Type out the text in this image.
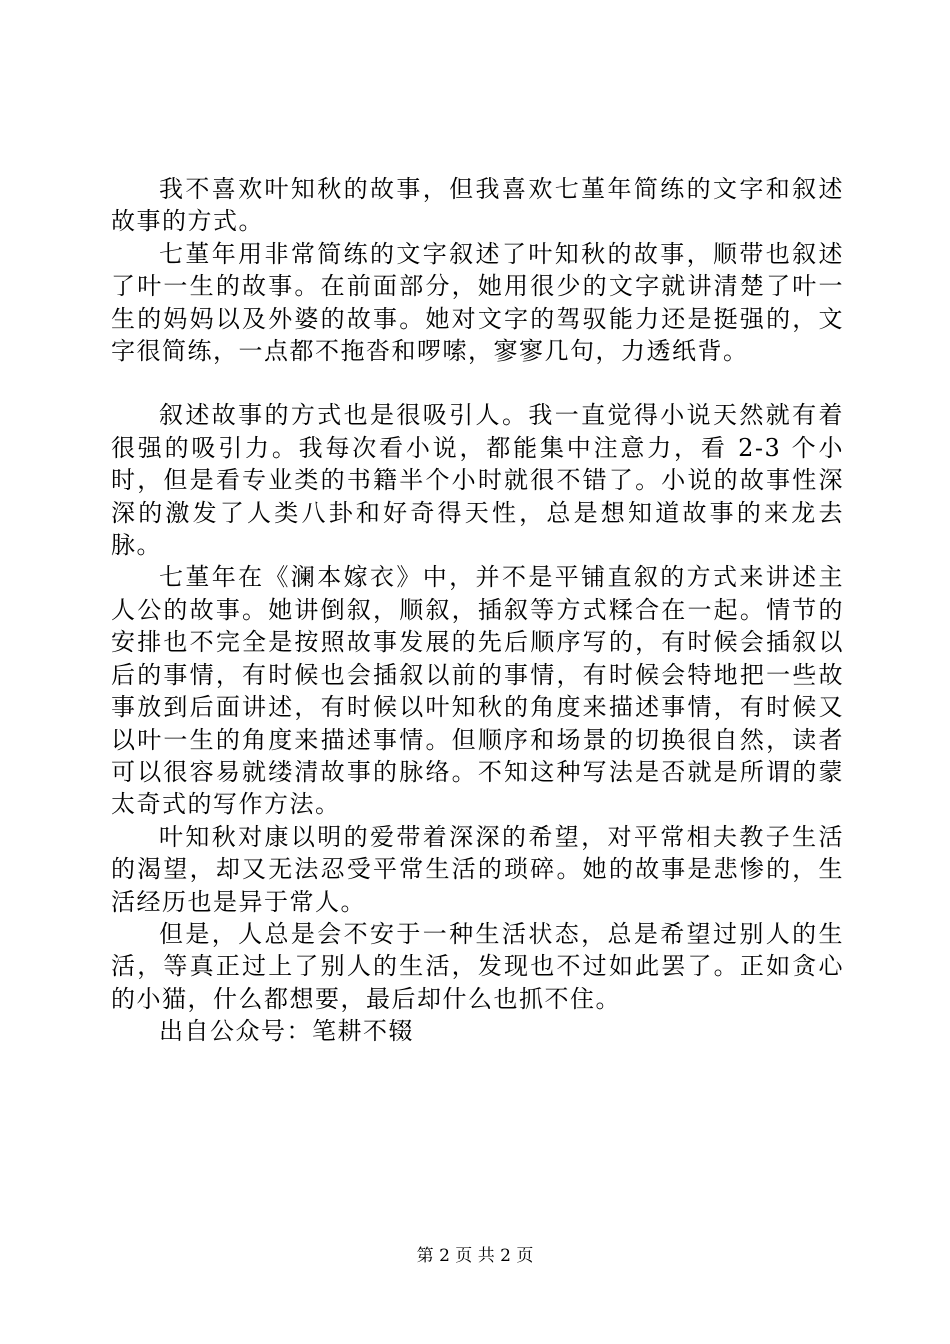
我不喜欢叶知秋的故事，但我喜欢七堇年简练的文字和叙述故事的方式。

七堇年用非常简练的文字叙述了叶知秋的故事，顺带也叙述了叶一生的故事。在前面部分，她用很少的文字就讲清楚了叶一生的妈妈以及外婆的故事。她对文字的驾驭能力还是挺强的，文字很简练，一点都不拖沓和啰嗦，寥寥几句，力透纸背。

叙述故事的方式也是很吸引人。我一直觉得小说天然就有着很强的吸引力。我每次看小说，都能集中注意力，看 2-3 个小时，但是看专业类的书籍半个小时就很不错了。小说的故事性深深的激发了人类八卦和好奇得天性，总是想知道故事的来龙去脉。

七堇年在《澜本嫁衣》中，并不是平铺直叙的方式来讲述主人公的故事。她讲倒叙，顺叙，插叙等方式糅合在一起。情节的安排也不完全是按照故事发展的先后顺序写的，有时候会插叙以后的事情，有时候也会插叙以前的事情，有时候会特地把一些故事放到后面讲述，有时候以叶知秋的角度来描述事情，有时候又以叶一生的角度来描述事情。但顺序和场景的切换很自然，读者可以很容易就缕清故事的脉络。不知这种写法是否就是所谓的蒙太奇式的写作方法。

叶知秋对康以明的爱带着深深的希望，对平常相夫教子生活的渴望，却又无法忍受平常生活的琐碎。她的故事是悲惨的，生活经历也是异于常人。

但是，人总是会不安于一种生活状态，总是希望过别人的生活，等真正过上了别人的生活，发现也不过如此罢了。正如贪心的小猫，什么都想要，最后却什么也抓不住。

出自公众号：笔耕不辍

第 2 页 共 2 页
